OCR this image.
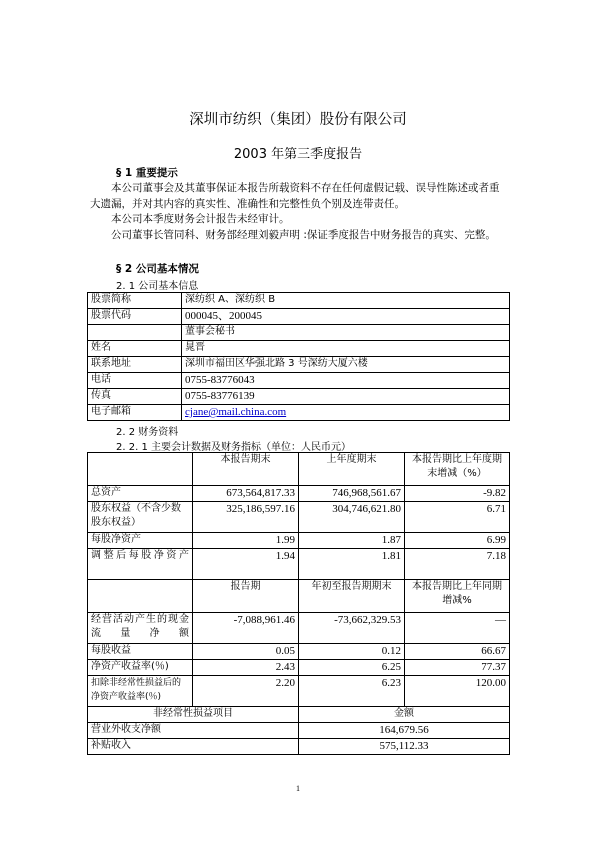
深圳市纺织（集团）股份有限公司
2003 年第三季度报告
§ 1 重要提示
本公司董事会及其董事保证本报告所载资料不存在任何虚假记载、误导性陈述或者重大遗漏，并对其内容的真实性、准确性和完整性负个别及连带责任。
本公司本季度财务会计报告未经审计。
公司董事长管同科、财务部经理刘毅声明 :保证季度报告中财务报告的真实、完整。
§ 2 公司基本情况
2. 1 公司基本信息
股票简称	深纺织 A、深纺织 B
股票代码	000045、200045
	董事会秘书
姓名	晁晋
联系地址	深圳市福田区华强北路 3 号深纺大厦六楼
电话	0755-83776043
传真	0755-83776139
电子邮箱	cjane@mail.china.com
2. 2 财务资料
2. 2. 1 主要会计数据及财务指标（单位：人民币元）
	本报告期末	上年度期末	本报告期比上年度期末增减（%）
总资产	673,564,817.33	746,968,561.67	-9.82
股东权益（不含少数股东权益）	325,186,597.16	304,746,621.80	6.71
每股净资产	1.99	1.87	6.99
调整后每股净资产	1.94	1.81	7.18
	报告期	年初至报告期期末	本报告期比上年同期增减%
经营活动产生的现金流量净额	-7,088,961.46	-73,662,329.53	—
每股收益	0.05	0.12	66.67
净资产收益率(％)	2.43	6.25	77.37
扣除非经常性损益后的净资产收益率(％)	2.20	6.23	120.00
非经常性损益项目		金额	
营业外收支净额		164,679.56	
补贴收入		575,112.33	
1
